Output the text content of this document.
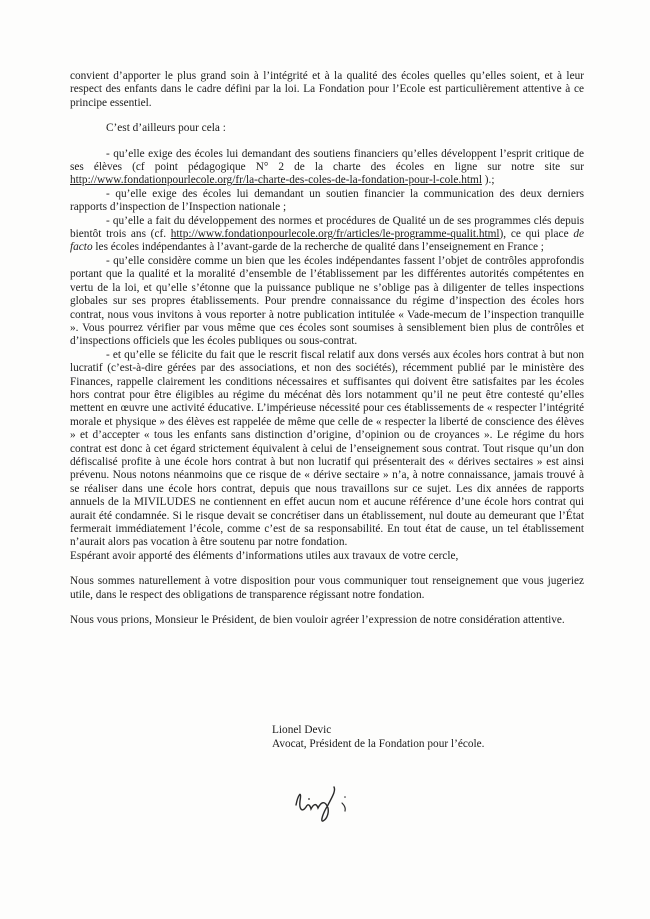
convient d’apporter le plus grand soin à l’intégrité et à la qualité des écoles quelles qu’elles soient, et à leur respect des enfants dans le cadre défini par la loi. La Fondation pour l’Ecole est particulièrement attentive à ce principe essentiel.

C’est d’ailleurs pour cela :

- qu’elle exige des écoles lui demandant des soutiens financiers qu’elles développent l’esprit critique de ses élèves (cf point pédagogique N° 2 de la charte des écoles en ligne sur notre site sur http://www.fondationpourlecole.org/fr/la-charte-des-coles-de-la-fondation-pour-l-cole.html ).;

- qu’elle exige des écoles lui demandant un soutien financier la communication des deux derniers rapports d’inspection de l’Inspection nationale ;

- qu’elle a fait du développement des normes et procédures de Qualité un de ses programmes clés depuis bientôt trois ans (cf. http://www.fondationpourlecole.org/fr/articles/le-programme-qualit.html), ce qui place de facto les écoles indépendantes à l’avant-garde de la recherche de qualité dans l’enseignement en France ;

- qu’elle considère comme un bien que les écoles indépendantes fassent l’objet de contrôles approfondis portant que la qualité et la moralité d’ensemble de l’établissement par les différentes autorités compétentes en vertu de la loi, et qu’elle s’étonne que la puissance publique ne s’oblige pas à diligenter de telles inspections globales sur ses propres établissements. Pour prendre connaissance du régime d’inspection des écoles hors contrat, nous vous invitons à vous reporter à notre publication intitulée « Vade-mecum de l’inspection tranquille ». Vous pourrez vérifier par vous même que ces écoles sont soumises à sensiblement bien plus de contrôles et d’inspections officiels que les écoles publiques ou sous-contrat.

- et qu’elle se félicite du fait que le rescrit fiscal relatif aux dons versés aux écoles hors contrat à but non lucratif (c’est-à-dire gérées par des associations, et non des sociétés), récemment publié par le ministère des Finances, rappelle clairement les conditions nécessaires et suffisantes qui doivent être satisfaites par les écoles hors contrat pour être éligibles au régime du mécénat dès lors notamment qu’il ne peut être contesté qu’elles mettent en œuvre une activité éducative. L’impérieuse nécessité pour ces établissements de « respecter l’intégrité morale et physique » des élèves est rappelée de même que celle de « respecter la liberté de conscience des élèves » et d’accepter « tous les enfants sans distinction d’origine, d’opinion ou de croyances ». Le régime du hors contrat est donc à cet égard strictement équivalent à celui de l’enseignement sous contrat. Tout risque qu’un don défiscalisé profite à une école hors contrat à but non lucratif qui présenterait des « dérives sectaires » est ainsi prévenu. Nous notons néanmoins que ce risque de « dérive sectaire » n’a, à notre connaissance, jamais trouvé à se réaliser dans une école hors contrat, depuis que nous travaillons sur ce sujet. Les dix années de rapports annuels de la MIVILUDES ne contiennent en effet aucun nom et aucune référence d’une école hors contrat qui aurait été condamnée. Si le risque devait se concrétiser dans un établissement, nul doute au demeurant que l’État fermerait immédiatement l’école, comme c’est de sa responsabilité. En tout état de cause, un tel établissement n’aurait alors pas vocation à être soutenu par notre fondation.

Espérant avoir apporté des éléments d’informations utiles aux travaux de votre cercle,

Nous sommes naturellement à votre disposition pour vous communiquer tout renseignement que vous jugeriez utile, dans le respect des obligations de transparence régissant notre fondation.

Nous vous prions, Monsieur le Président, de bien vouloir agréer l’expression de notre considération attentive.

Lionel Devic
Avocat, Président de la Fondation pour l’école.
